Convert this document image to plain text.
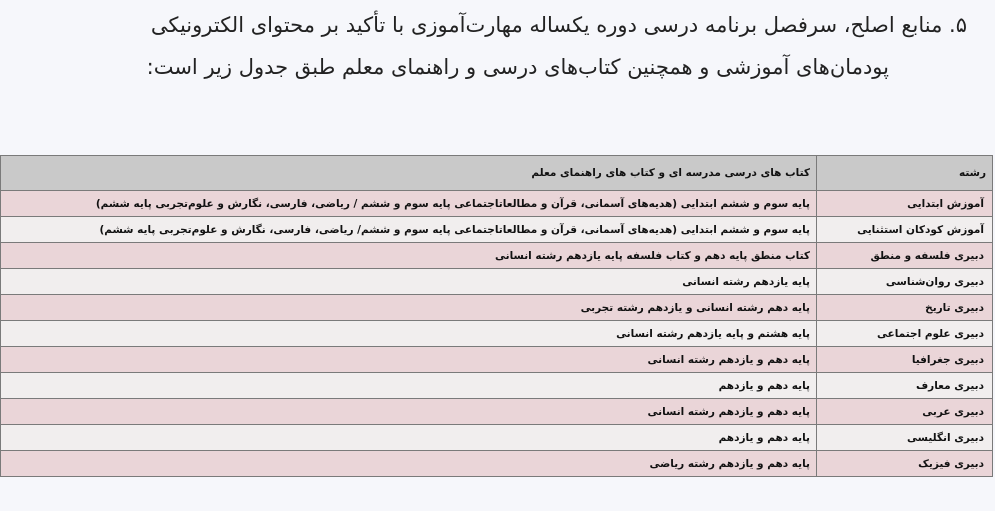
۵. منابع اصلح، سرفصل برنامه درسی دوره یکساله مهارت‌آموزی با تأکید بر محتوای الکترونیکی
پودمان‌های آموزشی و همچنین کتاب‌های درسی و راهنمای معلم طبق جدول زیر است:
رشته	کتاب های درسی مدرسه ای و کتاب های راهنمای معلم
آموزش ابتدایی	پایه سوم و ششم ابتدایی (هدیه‌های آسمانی، قرآن و مطالعاتاجتماعی پایه سوم و ششم / ریاضی، فارسی، نگارش و علوم‌تجربی پایه ششم)
آموزش کودکان استثنایی	پایه سوم و ششم ابتدایی (هدیه‌های آسمانی، قرآن و مطالعاتاجتماعی پایه سوم و ششم/ ریاضی، فارسی، نگارش و علوم‌تجربی پایه ششم)
دبیری فلسفه و منطق	کتاب منطق پایه دهم و کتاب فلسفه پایه یازدهم رشته انسانی
دبیری روان‌شناسی	پایه یازدهم رشته انسانی
دبیری تاریخ	پایه دهم رشته انسانی و یازدهم رشته تجربی
دبیری علوم اجتماعی	پایه هشتم و پایه یازدهم رشته انسانی
دبیری جغرافیا	پایه دهم و یازدهم رشته انسانی
دبیری معارف	پایه دهم و یازدهم
دبیری عربی	پایه دهم و یازدهم رشته انسانی
دبیری انگلیسی	پایه دهم و یازدهم
دبیری فیزیک	پایه دهم و یازدهم رشته ریاضی
